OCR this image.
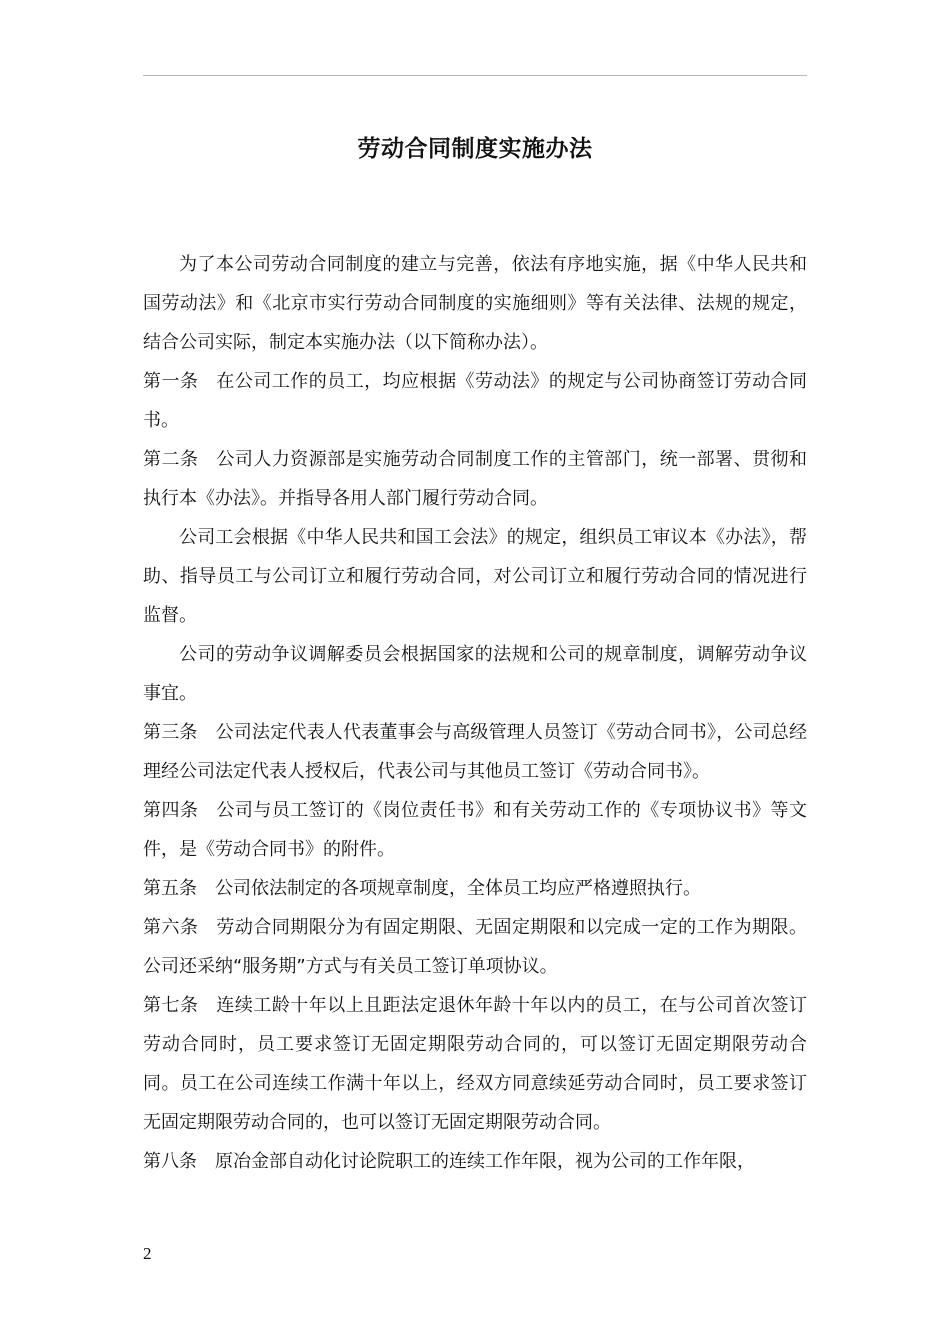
劳动合同制度实施办法

为了本公司劳动合同制度的建立与完善，依法有序地实施，据《中华人民共和国劳动法》和《北京市实行劳动合同制度的实施细则》等有关法律、法规的规定，结合公司实际，制定本实施办法（以下简称办法）。

第一条 在公司工作的员工，均应根据《劳动法》的规定与公司协商签订劳动合同书。

第二条 公司人力资源部是实施劳动合同制度工作的主管部门，统一部署、贯彻和执行本《办法》。并指导各用人部门履行劳动合同。

公司工会根据《中华人民共和国工会法》的规定，组织员工审议本《办法》，帮助、指导员工与公司订立和履行劳动合同，对公司订立和履行劳动合同的情况进行监督。

公司的劳动争议调解委员会根据国家的法规和公司的规章制度，调解劳动争议事宜。

第三条 公司法定代表人代表董事会与高级管理人员签订《劳动合同书》，公司总经理经公司法定代表人授权后，代表公司与其他员工签订《劳动合同书》。

第四条 公司与员工签订的《岗位责任书》和有关劳动工作的《专项协议书》等文件，是《劳动合同书》的附件。

第五条 公司依法制定的各项规章制度，全体员工均应严格遵照执行。

第六条 劳动合同期限分为有固定期限、无固定期限和以完成一定的工作为期限。公司还采纳“服务期”方式与有关员工签订单项协议。

第七条 连续工龄十年以上且距法定退休年龄十年以内的员工，在与公司首次签订劳动合同时，员工要求签订无固定期限劳动合同的，可以签订无固定期限劳动合同。员工在公司连续工作满十年以上，经双方同意续延劳动合同时，员工要求签订无固定期限劳动合同的，也可以签订无固定期限劳动合同。

第八条 原冶金部自动化讨论院职工的连续工作年限，视为公司的工作年限，

2
